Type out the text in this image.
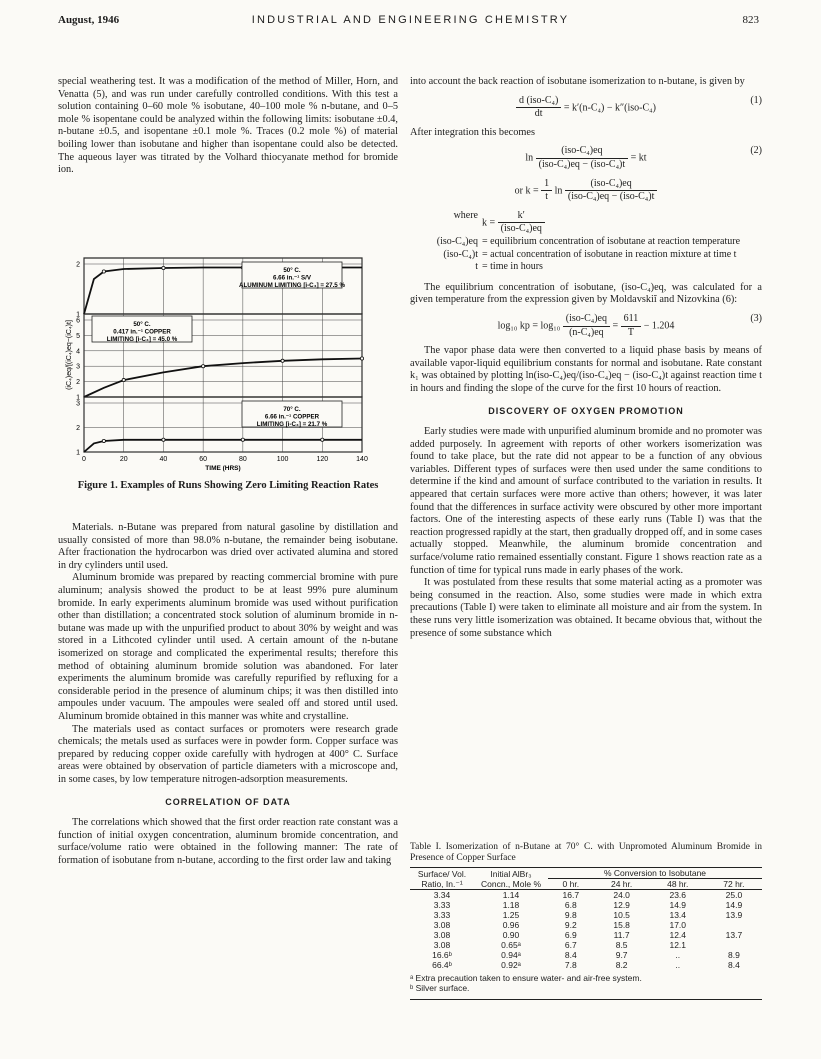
August, 1946	INDUSTRIAL AND ENGINEERING CHEMISTRY	823

special weathering test. It was a modification of the method of Miller, Horn, and Venatta (5), and was run under carefully controlled conditions. With this test a solution containing 0–60 mole % isobutane, 40–100 mole % n-butane, and 0–5 mole % isopentane could be analyzed within the following limits: isobutane ±0.4, n-butane ±0.5, and isopentane ±0.1 mole %. Traces (0.2 mole %) of material boiling lower than isobutane and higher than isopentane could also be detected. The aqueous layer was titrated by the Volhard thiocyanate method for bromide ion.

(iC₄)eq/[(iC₄)eq−(iC₄)t]
1
2
50° C. 6.66 in.⁻¹ S/V ALUMINUM LIMITING [i-C₄] = 27.5 %
1
2
3
4
5
6	50° C. 0.417 in.⁻¹ COPPER LIMITING [i-C₄] = 45.0 %
1
2
3
70° C. 6.66 in.⁻¹ COPPER LIMITING [i-C₄] = 21.7 %
0	20	40	60	80	100	120	140
TIME (HRS)
Figure 1. Examples of Runs Showing Zero Limiting Reaction Rates

Materials. n-Butane was prepared from natural gasoline by distillation and usually consisted of more than 98.0% n-butane, the remainder being isobutane. After fractionation the hydrocarbon was dried over activated alumina and stored in dry cylinders until used.

Aluminum bromide was prepared by reacting commercial bromine with pure aluminum; analysis showed the product to be at least 99% pure aluminum bromide. In early experiments aluminum bromide was used without purification other than distillation; a concentrated stock solution of aluminum bromide in n-butane was made up with the unpurified product to about 30% by weight and was stored in a Lithcoted cylinder until used. A certain amount of the n-butane isomerized on storage and complicated the experimental results; therefore this method of obtaining aluminum bromide solution was abandoned. For later experiments the aluminum bromide was carefully repurified by refluxing for a considerable period in the presence of aluminum chips; it was then distilled into ampoules under vacuum. The ampoules were sealed off and stored until used. Aluminum bromide obtained in this manner was white and crystalline.

The materials used as contact surfaces or promoters were research grade chemicals; the metals used as surfaces were in powder form. Copper surface was prepared by reducing copper oxide carefully with hydrogen at 400° C. Surface areas were obtained by observation of particle diameters with a microscope and, in some cases, by low temperature nitrogen-adsorption measurements.

CORRELATION OF DATA

The correlations which showed that the first order reaction rate constant was a function of initial oxygen concentration, aluminum bromide concentration, and surface/volume ratio were obtained in the following manner: The rate of formation of isobutane from n-butane, according to the first order law and taking

into account the back reaction of isobutane isomerization to n-butane, is given by

$\frac{\text{d (iso-C₄)}}{dt} = k'(n-C_4) - k''(iso-C_4)$
(1)

After integration this becomes

$\ln \frac{\text{(iso-C₄)eq}}{\text{(iso-C₄)eq − (iso-C₄)t}}$ = kt
(2)
or $k = \frac{1}{t}$ $\ln \frac{\text{(iso-C₄)eq}}{\text{(iso-C₄)eq − (iso-C₄)t}}$
where
$k = \frac{k'}{\text{(iso-C₄)eq}}$
(iso-C₄)eq = equilibrium concentration of isobutane at reaction temperature
(iso-C₄)t = actual concentration of isobutane in reaction mixture at time t
t = time in hours

The equilibrium concentration of isobutane, (iso-C₄)eq, was calculated for a given temperature from the expression given by Moldavskiĭ and Nizovkina (6):

log₁₀ kp = $\log_{10} \frac{\text{(iso-C₄)eq}}{\text{(n-C₄)eq}} = \frac{611}{T} - 1.204$
(3)

The vapor phase data were then converted to a liquid phase basis by means of available vapor-liquid equilibrium constants for normal and isobutane. Rate constant k₁ was obtained by plotting ln(iso-C₄)eq/(iso-C₄)eq − (iso-C₄)t against reaction time t in hours and finding the slope of the curve for the first 10 hours of reaction.

DISCOVERY OF OXYGEN PROMOTION

Early studies were made with unpurified aluminum bromide and no promoter was added purposely. In agreement with reports of other workers isomerization was found to take place, but the rate did not appear to be a function of any obvious variables. Different types of surfaces were then used under the same conditions to determine if the kind and amount of surface contributed to the variation in results. It appeared that certain surfaces were more active than others; however, it was later found that the differences in surface activity were obscured by other more important factors. One of the interesting aspects of these early runs (Table I) was that the reaction progressed rapidly at the start, then gradually dropped off, and in some cases actually stopped. Meanwhile, the aluminum bromide concentration and surface/volume ratio remained essentially constant. Figure 1 shows reaction rate as a function of time for typical runs made in early phases of the work.

It was postulated from these results that some material acting as a promoter was being consumed in the reaction. Also, some studies were made in which extra precautions (Table I) were taken to eliminate all moisture and air from the system. In these runs very little isomerization was obtained. It became obvious that, without the presence of some substance which

Table I. Isomerization of n-Butane at 70° C. with Unpromoted Aluminum Bromide in Presence of Copper Surface
Surface/ Vol. Ratio, In.⁻¹	Initial AlBr₃ Concn., Mole %	% Conversion to Isobutane			
		0 hr.	24 hr.	48 hr.	72 hr.
3.34	1.14	16.7	24.0	23.6	25.0
3.33	1.18	6.8	12.9	14.9	14.9
3.33	1.25	9.8	10.5	13.4	13.9
3.08	0.96	9.2	15.8	17.0	
3.08	0.90	6.9	11.7	12.4	13.7
3.08	0.65ᵃ	6.7	8.5	12.1	
16.6ᵇ	0.94ᵃ	8.4	9.7	..	8.9
66.4ᵇ	0.92ᵃ	7.8	8.2	..	8.4
ᵃ Extra precaution taken to ensure water- and air-free system.
ᵇ Silver surface.
